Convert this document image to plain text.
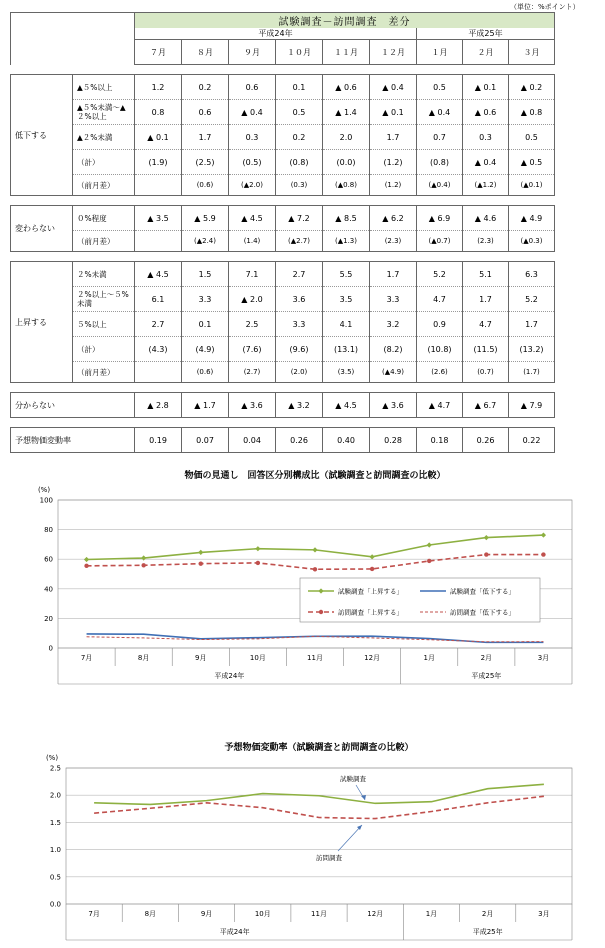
（単位：%ポイント）
		試験調査－訪問調査　差分								
		平成24年						平成25年		
		７月	８月	９月	１０月	１１月	１２月	１月	２月	３月

低下する	▲５%以上	1.2	0.2	0.6	0.1	▲ 0.6	▲ 0.4	0.5	▲ 0.1	▲ 0.2
	▲５%未満～▲２%以上	0.8	0.6	▲ 0.4	0.5	▲ 1.4	▲ 0.1	▲ 0.4	▲ 0.6	▲ 0.8
	▲２%未満	▲ 0.1	1.7	0.3	0.2	2.0	1.7	0.7	0.3	0.5
	（計）	(1.9)	(2.5)	(0.5)	(0.8)	(0.0)	(1.2)	(0.8)	▲ 0.4	▲ 0.5
	（前月差）		(0.6)	(▲2.0)	(0.3)	(▲0.8)	(1.2)	(▲0.4)	(▲1.2)	(▲0.1)

変わらない	０%程度	▲ 3.5	▲ 5.9	▲ 4.5	▲ 7.2	▲ 8.5	▲ 6.2	▲ 6.9	▲ 4.6	▲ 4.9
	（前月差）		(▲2.4)	(1.4)	(▲2.7)	(▲1.3)	(2.3)	(▲0.7)	(2.3)	(▲0.3)

上昇する	２%未満	▲ 4.5	1.5	7.1	2.7	5.5	1.7	5.2	5.1	6.3
	２%以上～５%未満	6.1	3.3	▲ 2.0	3.6	3.5	3.3	4.7	1.7	5.2
	５%以上	2.7	0.1	2.5	3.3	4.1	3.2	0.9	4.7	1.7
	（計）	(4.3)	(4.9)	(7.6)	(9.6)	(13.1)	(8.2)	(10.8)	(11.5)	(13.2)
	（前月差）		(0.6)	(2.7)	(2.0)	(3.5)	(▲4.9)	(2.6)	(0.7)	(1.7)

分からない		▲ 2.8	▲ 1.7	▲ 3.6	▲ 3.2	▲ 4.5	▲ 3.6	▲ 4.7	▲ 6.7	▲ 7.9

予想物価変動率		0.19	0.07	0.04	0.26	0.40	0.28	0.18	0.26	0.22
物価の見通し　回答区分別構成比（試験調査と訪問調査の比較）
(%)
0
20
40
60
80
100
7月	8月	9月	10月	11月	12月	1月	2月	3月
平成24年	平成25年
試験調査「上昇する」	試験調査「低下する」
訪問調査「上昇する」	訪問調査「低下する」
予想物価変動率（試験調査と訪問調査の比較）
(%)
0.0
0.5
1.0
1.5
2.0
2.5
7月	8月	9月	10月	11月	12月	1月	2月	3月
平成24年	平成25年
試験調査
訪問調査
